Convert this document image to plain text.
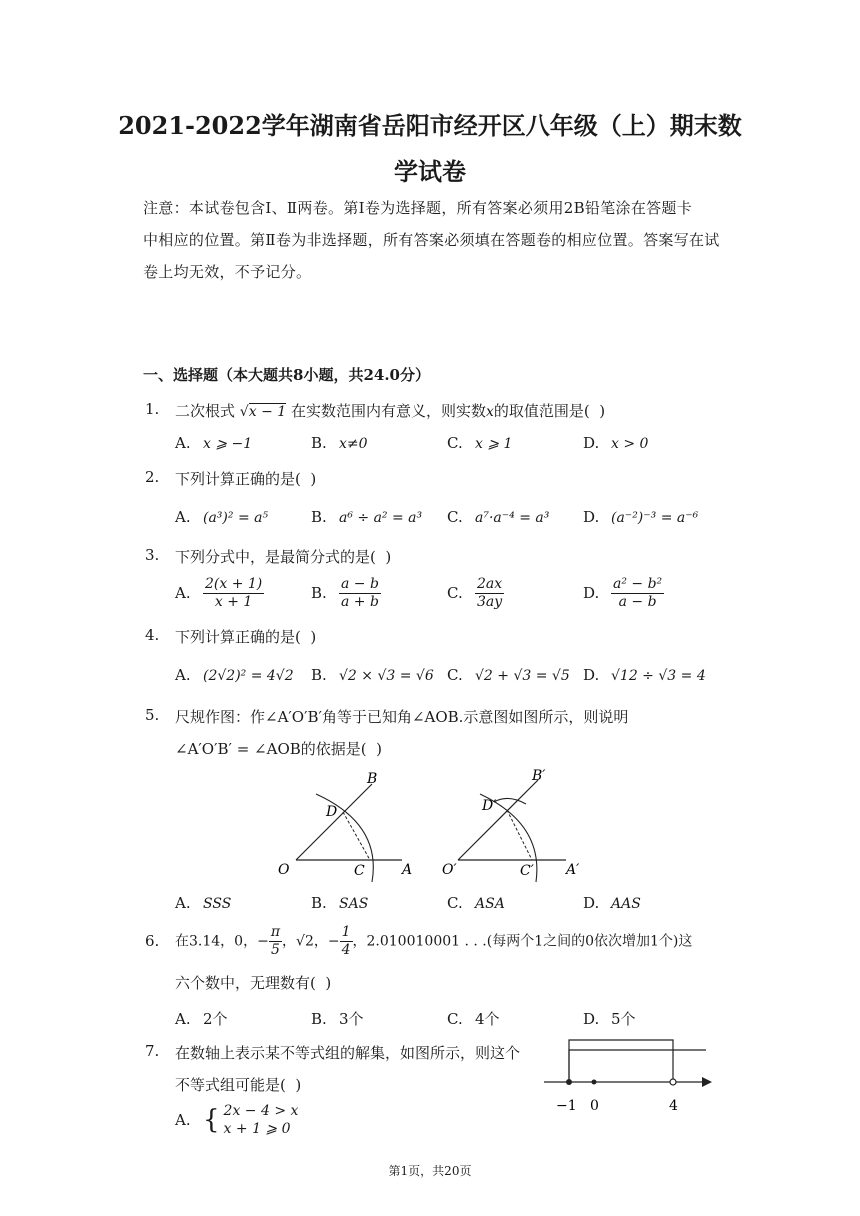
2021-2022学年湖南省岳阳市经开区八年级（上）期末数
学试卷
注意：本试卷包含Ⅰ、Ⅱ两卷。第Ⅰ卷为选择题，所有答案必须用2B铅笔涂在答题卡
中相应的位置。第Ⅱ卷为非选择题，所有答案必须填在答题卷的相应位置。答案写在试
卷上均无效，不予记分。
一、选择题（本大题共8小题，共24.0分）
1. 二次根式 √x − 1 在实数范围内有意义，则实数x的取值范围是(  )
A. x ⩾ −1	B. x≠0	C. x ⩾ 1	D. x > 0
2. 下列计算正确的是(  )
A. (a³)² = a⁵	B. a⁶ ÷ a² = a³ C. a⁷·a⁻⁴ = a³ D. (a⁻²)⁻³ = a⁻⁶
3. 下列分式中，是最简分式的是(  )
A. $\frac{2(x + 1)}{x + 1}$	B. $\frac{a - b}{a + b}$	C. $\frac{2ax}{3ay}$	D. $\frac{\text{a² − b²}}{a - b}$
4. 下列计算正确的是(  )
A. (2√2)² = 4√2 B. √2 × √3 = √6 C. √2 + √3 = √5 D. √12 ÷ √3 = 4
5. 尺规作图：作∠A′O′B′角等于已知角∠AOB.示意图如图所示，则说明
∠A′O′B′ = ∠AOB的依据是(  )
B
D
O	C	A
B′
D′
O′	C′ A′
A. SSS	B. SAS	C. ASA	D. AAS
6. 在3.14，0，− $\frac{\pi}{5}$ ，√2，− $\frac{1}{4}$ ，2.010010001 . . .(每两个1之间的0依次增加1个)这
六个数中，无理数有(  )
A. 2个	B. 3个	C. 4个	D. 5个
7. 在数轴上表示某不等式组的解集，如图所示，则这个
不等式组可能是(  )
−1 0	4
A. { 2x − 4 > x
x + 1 ⩾ 0
第1页，共20页
